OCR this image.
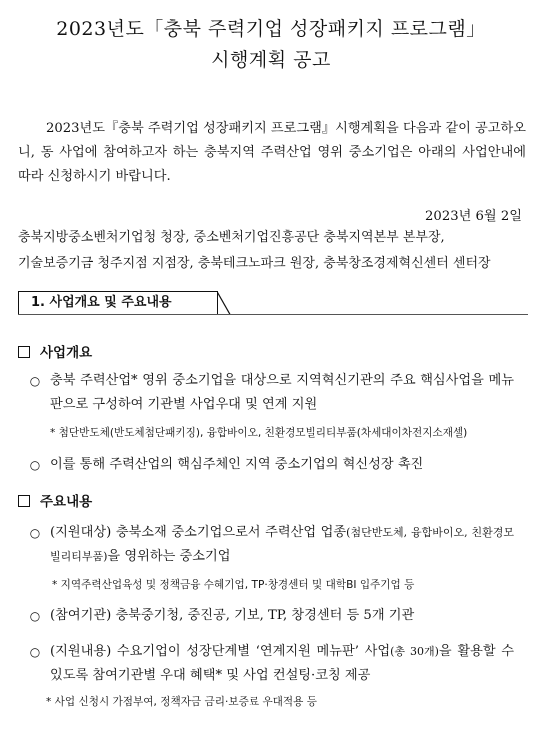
2023년도「충북 주력기업 성장패키지 프로그램」
시행계획 공고
2023년도『충북 주력기업 성장패키지 프로그램』시행계획을 다음과 같이 공고하오니, 동 사업에 참여하고자 하는 충북지역 주력산업 영위 중소기업은 아래의 사업안내에 따라 신청하시기 바랍니다.
2023년 6월 2일
충북지방중소벤처기업청 청장, 중소벤처기업진흥공단 충북지역본부 본부장,
기술보증기금 청주지점 지점장, 충북테크노파크 원장, 충북창조경제혁신센터 센터장
1. 사업개요 및 주요내용
사업개요
○ 충북 주력산업* 영위 중소기업을 대상으로 지역혁신기관의 주요 핵심사업을 메뉴판으로 구성하여 기관별 사업우대 및 연계 지원
* 첨단반도체(반도체첨단패키징), 융합바이오, 친환경모빌리티부품(차세대이차전지소재셀)
○ 이를 통해 주력산업의 핵심주체인 지역 중소기업의 혁신성장 촉진
주요내용
○ (지원대상) 충북소재 중소기업으로서 주력산업 업종(첨단반도체, 융합바이오, 친환경모빌리티부품)을 영위하는 중소기업
* 지역주력산업육성 및 정책금융 수혜기업, TP·창경센터 및 대학BI 입주기업 등
○ (참여기관) 충북중기청, 중진공, 기보, TP, 창경센터 등 5개 기관
○ (지원내용) 수요기업이 성장단계별 ‘연계지원 메뉴판’ 사업(총 30개)을 활용할 수 있도록 참여기관별 우대 혜택* 및 사업 컨설팅·코칭 제공
* 사업 신청시 가점부여, 정책자금 금리·보증료 우대적용 등
